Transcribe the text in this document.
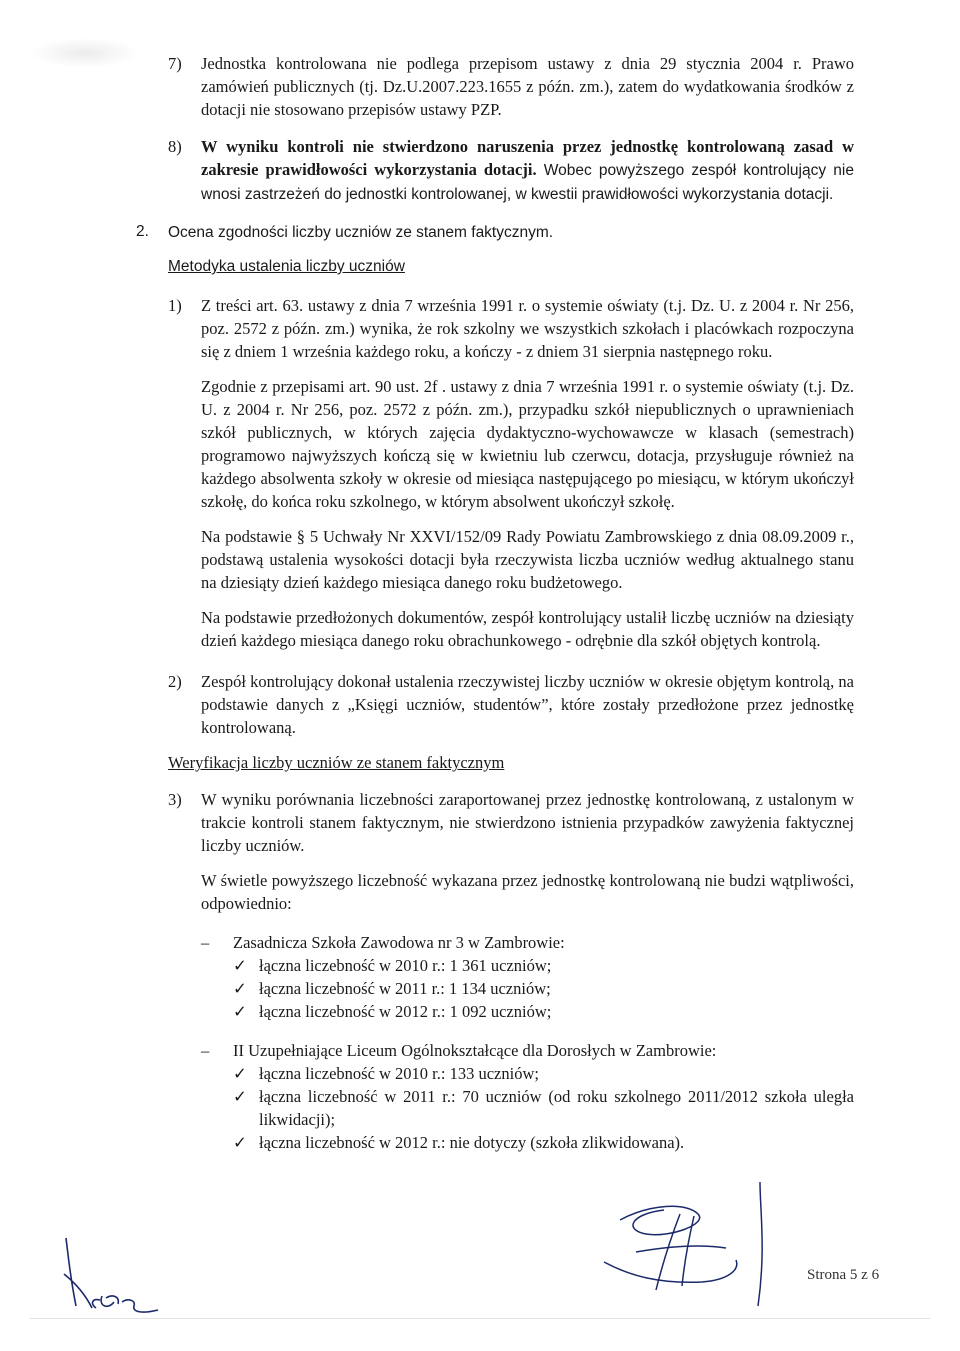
7) Jednostka kontrolowana nie podlega przepisom ustawy z dnia 29 stycznia 2004 r. Prawo zamówień publicznych (tj. Dz.U.2007.223.1655 z późn. zm.), zatem do wydatkowania środków z dotacji nie stosowano przepisów ustawy PZP.
8) W wyniku kontroli nie stwierdzono naruszenia przez jednostkę kontrolowaną zasad w zakresie prawidłowości wykorzystania dotacji. Wobec powyższego zespół kontrolujący nie wnosi zastrzeżeń do jednostki kontrolowanej, w kwestii prawidłowości wykorzystania dotacji.
2. Ocena zgodności liczby uczniów ze stanem faktycznym.
Metodyka ustalenia liczby uczniów
1) Z treści art. 63. ustawy z dnia 7 września 1991 r. o systemie oświaty (t.j. Dz. U. z 2004 r. Nr 256, poz. 2572 z późn. zm.) wynika, że rok szkolny we wszystkich szkołach i placówkach rozpoczyna się z dniem 1 września każdego roku, a kończy - z dniem 31 sierpnia następnego roku.
Zgodnie z przepisami art. 90 ust. 2f . ustawy z dnia 7 września 1991 r. o systemie oświaty (t.j. Dz. U. z 2004 r. Nr 256, poz. 2572 z późn. zm.), przypadku szkół niepublicznych o uprawnieniach szkół publicznych, w których zajęcia dydaktyczno-wychowawcze w klasach (semestrach) programowo najwyższych kończą się w kwietniu lub czerwcu, dotacja, przysługuje również na każdego absolwenta szkoły w okresie od miesiąca następującego po miesiącu, w którym ukończył szkołę, do końca roku szkolnego, w którym absolwent ukończył szkołę.
Na podstawie § 5 Uchwały Nr XXVI/152/09 Rady Powiatu Zambrowskiego z dnia 08.09.2009 r., podstawą ustalenia wysokości dotacji była rzeczywista liczba uczniów według aktualnego stanu na dziesiąty dzień każdego miesiąca danego roku budżetowego.
Na podstawie przedłożonych dokumentów, zespół kontrolujący ustalił liczbę uczniów na dziesiąty dzień każdego miesiąca danego roku obrachunkowego - odrębnie dla szkół objętych kontrolą.
2) Zespół kontrolujący dokonał ustalenia rzeczywistej liczby uczniów w okresie objętym kontrolą, na podstawie danych z „Księgi uczniów, studentów”, które zostały przedłożone przez jednostkę kontrolowaną.
Weryfikacja liczby uczniów ze stanem faktycznym
3) W wyniku porównania liczebności zaraportowanej przez jednostkę kontrolowaną, z ustalonym w trakcie kontroli stanem faktycznym, nie stwierdzono istnienia przypadków zawyżenia faktycznej liczby uczniów.
W świetle powyższego liczebność wykazana przez jednostkę kontrolowaną nie budzi wątpliwości, odpowiednio:
– Zasadnicza Szkoła Zawodowa nr 3 w Zambrowie:
✓ łączna liczebność w 2010 r.: 1 361 uczniów;
✓ łączna liczebność w 2011 r.: 1 134 uczniów;
✓ łączna liczebność w 2012 r.: 1 092 uczniów;
– II Uzupełniające Liceum Ogólnokształcące dla Dorosłych w Zambrowie:
✓ łączna liczebność w 2010 r.: 133 uczniów;
✓ łączna liczebność w 2011 r.: 70 uczniów (od roku szkolnego 2011/2012 szkoła uległa likwidacji);
✓ łączna liczebność w 2012 r.: nie dotyczy (szkoła zlikwidowana).
Strona 5 z 6
